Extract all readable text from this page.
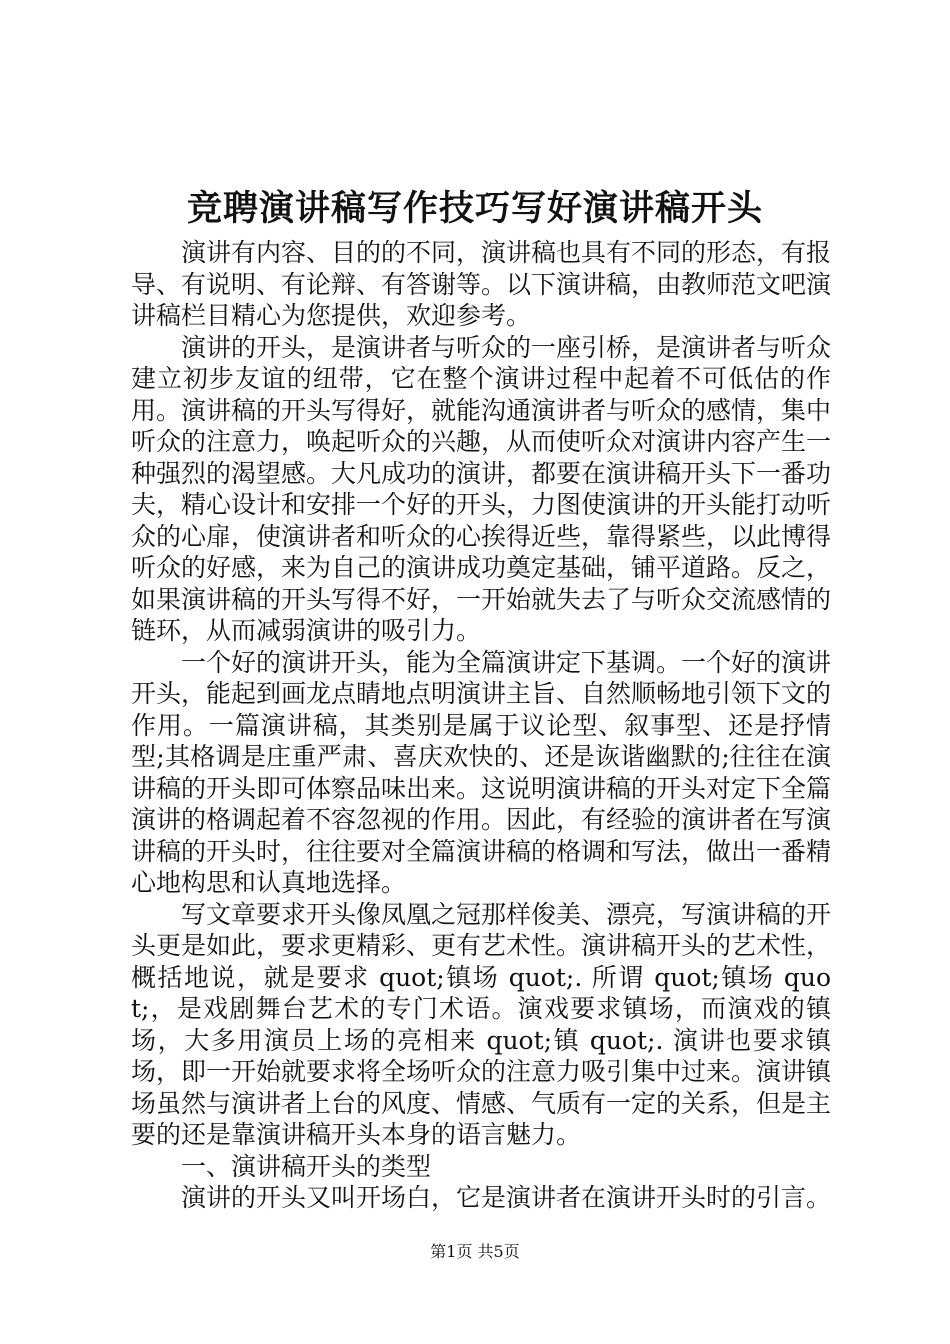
竞聘演讲稿写作技巧写好演讲稿开头

演讲有内容、目的的不同，演讲稿也具有不同的形态，有报导、有说明、有论辩、有答谢等。以下演讲稿，由教师范文吧演讲稿栏目精心为您提供，欢迎参考。

演讲的开头，是演讲者与听众的一座引桥，是演讲者与听众建立初步友谊的纽带，它在整个演讲过程中起着不可低估的作用。演讲稿的开头写得好，就能沟通演讲者与听众的感情，集中听众的注意力，唤起听众的兴趣，从而使听众对演讲内容产生一种强烈的渴望感。大凡成功的演讲，都要在演讲稿开头下一番功夫，精心设计和安排一个好的开头，力图使演讲的开头能打动听众的心扉，使演讲者和听众的心挨得近些，靠得紧些，以此博得听众的好感，来为自己的演讲成功奠定基础，铺平道路。反之，如果演讲稿的开头写得不好，一开始就失去了与听众交流感情的链环，从而减弱演讲的吸引力。

一个好的演讲开头，能为全篇演讲定下基调。一个好的演讲开头，能起到画龙点睛地点明演讲主旨、自然顺畅地引领下文的作用。一篇演讲稿，其类别是属于议论型、叙事型、还是抒情型;其格调是庄重严肃、喜庆欢快的、还是诙谐幽默的;往往在演讲稿的开头即可体察品味出来。这说明演讲稿的开头对定下全篇演讲的格调起着不容忽视的作用。因此，有经验的演讲者在写演讲稿的开头时，往往要对全篇演讲稿的格调和写法，做出一番精心地构思和认真地选择。

写文章要求开头像凤凰之冠那样俊美、漂亮，写演讲稿的开头更是如此，要求更精彩、更有艺术性。演讲稿开头的艺术性，概括地说，就是要求 quot;镇场 quot;. 所谓 quot;镇场 quot;，是戏剧舞台艺术的专门术语。演戏要求镇场，而演戏的镇场，大多用演员上场的亮相来 quot;镇 quot;. 演讲也要求镇场，即一开始就要求将全场听众的注意力吸引集中过来。演讲镇场虽然与演讲者上台的风度、情感、气质有一定的关系，但是主要的还是靠演讲稿开头本身的语言魅力。

一、演讲稿开头的类型

演讲的开头又叫开场白，它是演讲者在演讲开头时的引言。

第1页 共5页
